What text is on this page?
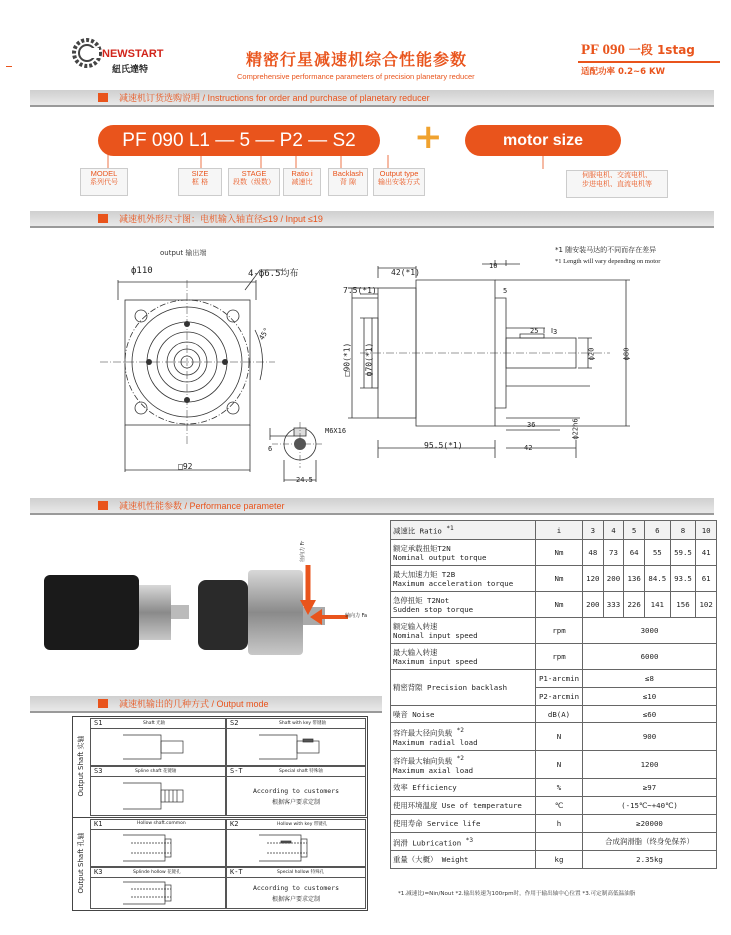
NEWSTART
紐氏達特
精密行星减速机综合性能参数
Comprehensive performance parameters of precision planetary reducer
PF 090 一段 1stag
适配功率 0.2~6 KW
减速机订货选购说明 / Instructions for order and purchase of planetary reducer
PF 090 L1 — 5 — P2 — S2	+	motor size
MODEL
系列代号
SIZE
框 格
STAGE
段数（级数）
Ratio i
减速比
Backlash
背 隙
Output type
输出安装方式
伺服电机、交流电机、
步进电机、直流电机等
减速机外形尺寸图：电机输入轴直径≤19 / Input ≤19
output 输出端	*1 随安装马达的不同而存在差异
*1 Length will vary depending on motor
ф110	4-ф6.5均布
45°
□92
M6X16
6
24.5
42(*1)
10
7.5(*1)	5
□90(*1) ф70(*1)
25 3
ф20	ф80
36	ф22h6
95.5(*1)	42
减速机性能参数 / Performance parameter
径向力 Fr
轴向力 Fa
减速比 Ratio $^{*1}$	i	3	4	5	6	8	10

额定承载扭矩T2N
Nominal output torque	Nm	48	73	64	55	59.5	41

最大加速力矩 T2B
Maximum acceleration torque	Nm	120	200	136	84.5	93.5	61

急停扭矩 T2Not
Sudden stop torque	Nm	200	333	226	141	156	102

额定输入转速
Nominal input speed	rpm	3000					

最大输入转速
Maximum input speed	rpm	6000					
精密背隙 Precision backlash	P1-arcmin	≤8					
	P2-arcmin	≤10					
噪音 Noise	dB(A)	≤60					

容许最大径向负载 $^{*2}$
Maximum radial load	N	900					

容许最大轴向负载 $^{*2}$
Maximum axial load	N	1200					
效率 Efficiency	%	≥97					
使用环境温度 Use of temperature	℃	(-15℃~+40℃)					
使用寿命 Service life	h	≥20000					
润滑 Lubrication $^{*3}$		合成润滑脂（终身免保养）					
重量（大概） Weight	kg	2.35kg					
*1.减速比i=Nin/Nout *2.输出转速为100rpm时，作用于输出轴中心位置 *3.可定制高低温油脂
减速机输出的几种方式 / Output mode
Output Shaft 实轴
Output Shaft 孔轴
S1	Shaft 光轴	S2	Shaft with key 带键轴
S3	Spline shaft 花键轴	S-T	Special shaft 特殊轴
According to customers
根据客户要求定制
K1	Hollow shaft.common	K2	Hollow with key 带键孔
K3	Splinde hollow 花键孔	K-T	Special hollow 特殊孔
According to customers
根据客户要求定制
